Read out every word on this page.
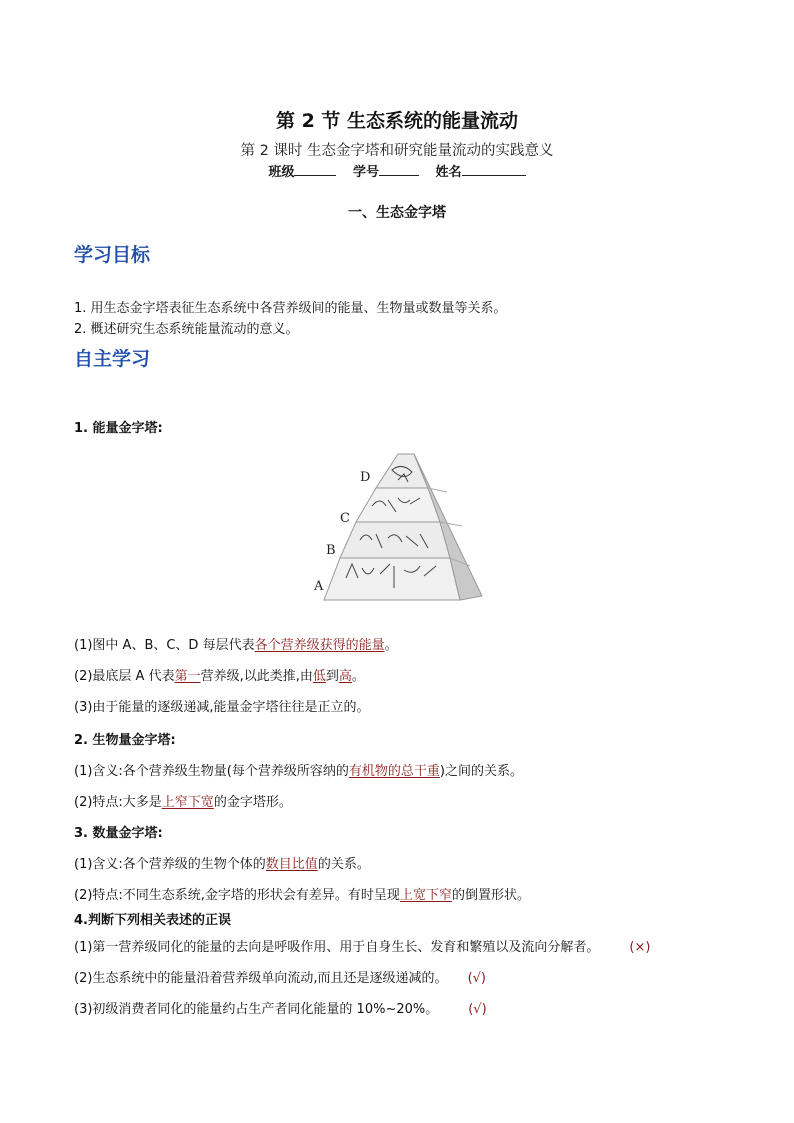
第 2 节 生态系统的能量流动
第 2 课时 生态金字塔和研究能量流动的实践意义
班级	学号	姓名
一、生态金字塔
学习目标
1. 用生态金字塔表征生态系统中各营养级间的能量、生物量或数量等关系。
2. 概述研究生态系统能量流动的意义。
自主学习
1. 能量金字塔:
D
C
B
A
(1)图中 A、B、C、D 每层代表各个营养级获得的能量。
(2)最底层 A 代表第一营养级,以此类推,由低到高。
(3)由于能量的逐级递减,能量金字塔往往是正立的。
2. 生物量金字塔:
(1)含义:各个营养级生物量(每个营养级所容纳的有机物的总干重)之间的关系。
(2)特点:大多是上窄下宽的金字塔形。
3. 数量金字塔:
(1)含义:各个营养级的生物个体的数目比值的关系。
(2)特点:不同生态系统,金字塔的形状会有差异。有时呈现上宽下窄的倒置形状。
4.判断下列相关表述的正误
(1)第一营养级同化的能量的去向是呼吸作用、用于自身生长、发育和繁殖以及流向分解者。 (×)
(2)生态系统中的能量沿着营养级单向流动,而且还是逐级递减的。 (√)
(3)初级消费者同化的能量约占生产者同化能量的 10%~20%。 (√)
